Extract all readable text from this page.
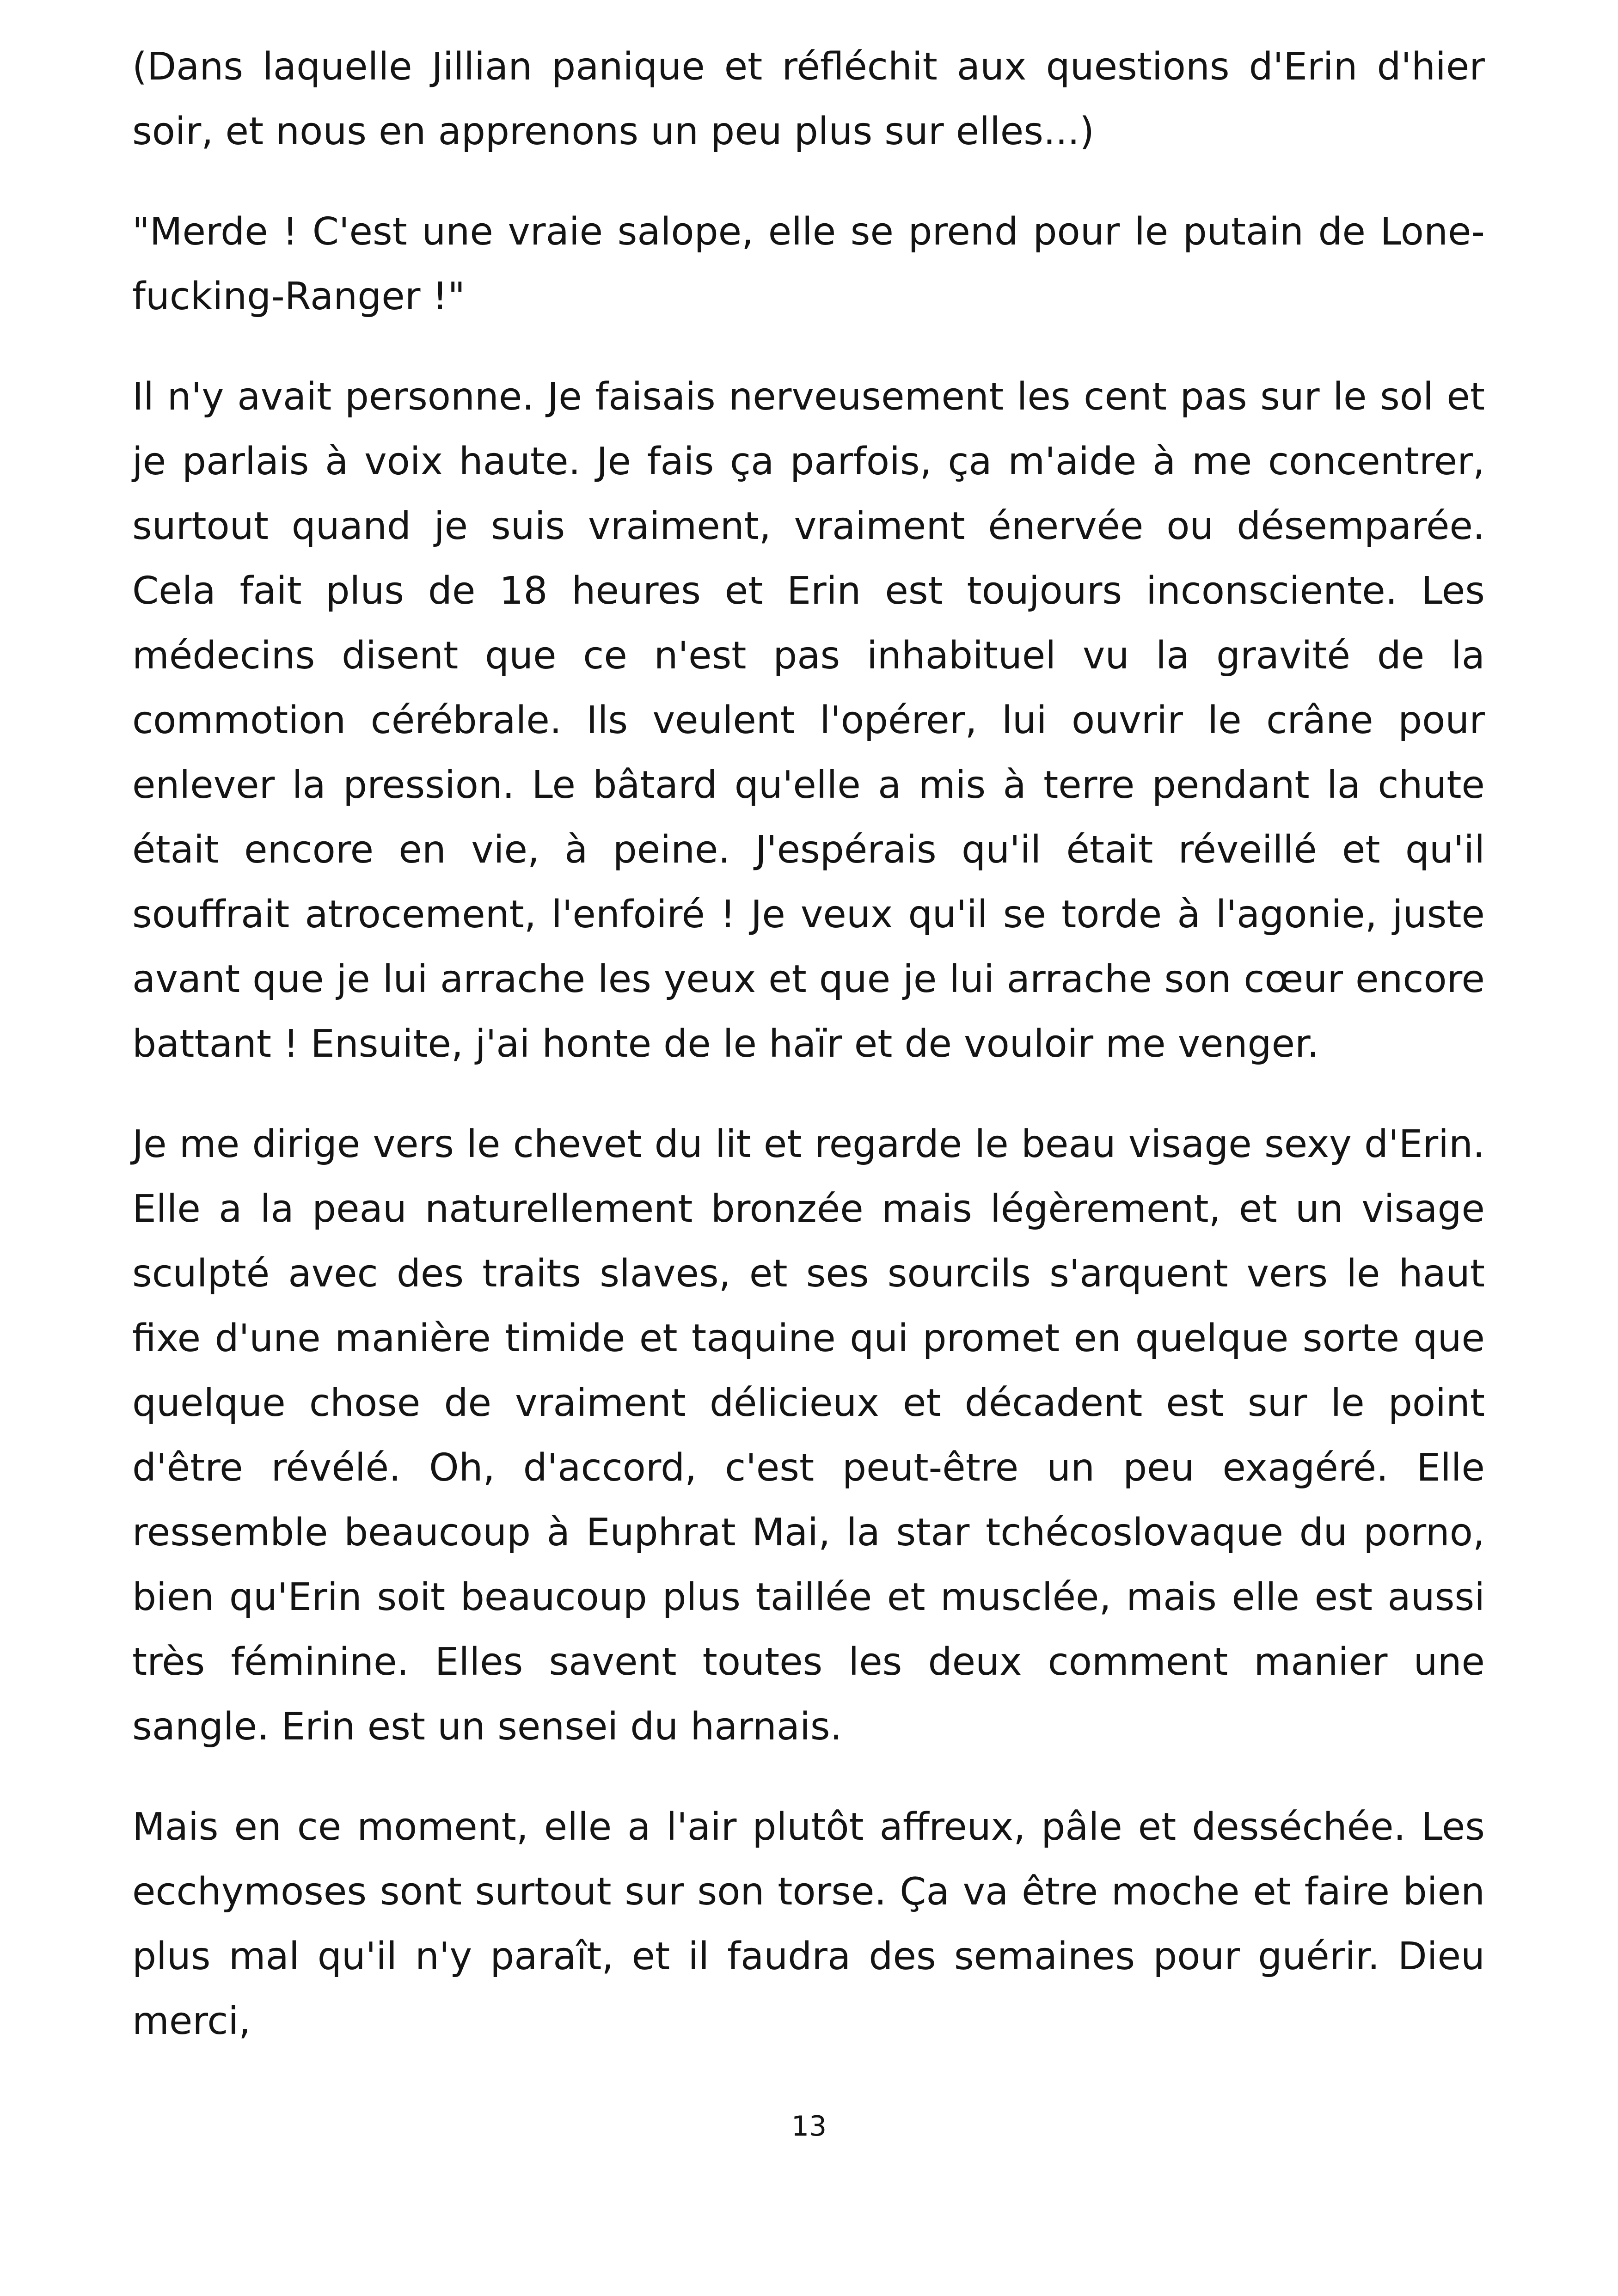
(Dans laquelle Jillian panique et réfléchit aux questions d'Erin d'hier soir, et nous en apprenons un peu plus sur elles...)

"Merde ! C'est une vraie salope, elle se prend pour le putain de Lone-fucking-Ranger !"

Il n'y avait personne. Je faisais nerveusement les cent pas sur le sol et je parlais à voix haute. Je fais ça parfois, ça m'aide à me concentrer, surtout quand je suis vraiment, vraiment énervée ou désemparée. Cela fait plus de 18 heures et Erin est toujours inconsciente. Les médecins disent que ce n'est pas inhabituel vu la gravité de la commotion cérébrale. Ils veulent l'opérer, lui ouvrir le crâne pour enlever la pression. Le bâtard qu'elle a mis à terre pendant la chute était encore en vie, à peine. J'espérais qu'il était réveillé et qu'il souffrait atrocement, l'enfoiré ! Je veux qu'il se torde à l'agonie, juste avant que je lui arrache les yeux et que je lui arrache son cœur encore battant ! Ensuite, j'ai honte de le haïr et de vouloir me venger.

Je me dirige vers le chevet du lit et regarde le beau visage sexy d'Erin. Elle a la peau naturellement bronzée mais légèrement, et un visage sculpté avec des traits slaves, et ses sourcils s'arquent vers le haut fixe d'une manière timide et taquine qui promet en quelque sorte que quelque chose de vraiment délicieux et décadent est sur le point d'être révélé. Oh, d'accord, c'est peut-être un peu exagéré. Elle ressemble beaucoup à Euphrat Mai, la star tchécoslovaque du porno, bien qu'Erin soit beaucoup plus taillée et musclée, mais elle est aussi très féminine. Elles savent toutes les deux comment manier une sangle. Erin est un sensei du harnais.

Mais en ce moment, elle a l'air plutôt affreux, pâle et desséchée. Les ecchymoses sont surtout sur son torse. Ça va être moche et faire bien plus mal qu'il n'y paraît, et il faudra des semaines pour guérir. Dieu merci,

13
